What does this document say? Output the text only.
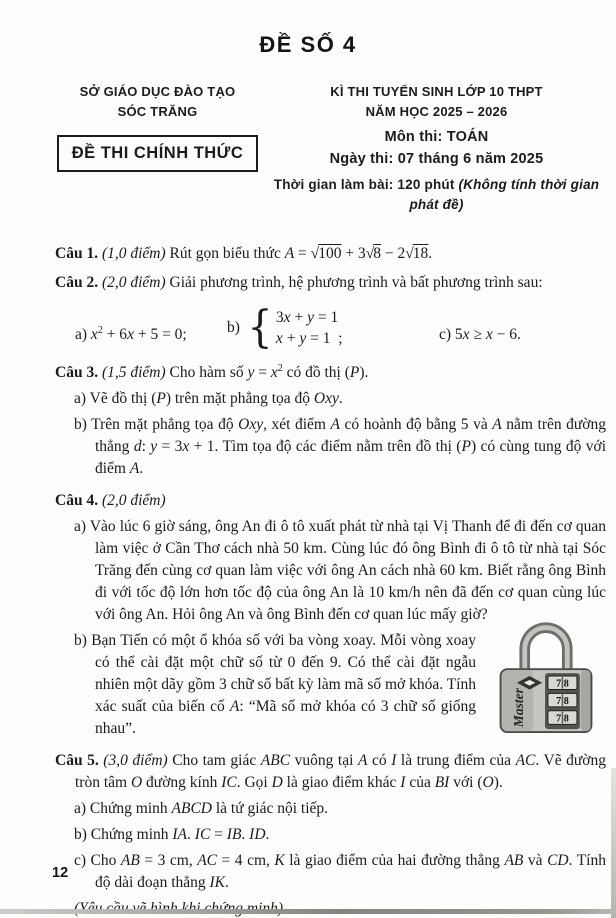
ĐỀ SỐ 4
SỞ GIÁO DỤC ĐÀO TẠO
SÓC TRĂNG
ĐỀ THI CHÍNH THỨC
KÌ THI TUYỂN SINH LỚP 10 THPT
NĂM HỌC 2025 – 2026
Môn thi: TOÁN
Ngày thi: 07 tháng 6 năm 2025
Thời gian làm bài: 120 phút (Không tính thời gian phát đề)
Câu 1. (1,0 điểm) Rút gọn biểu thức A = √100 + 3√8 − 2√18.
Câu 2. (2,0 điểm) Giải phương trình, hệ phương trình và bất phương trình sau:
a) $x^2 + 6x + 5 = 0$;	b) { 3x + y = 1
x + y = 1 ;	c) 5x ≥ x − 6.
Câu 3. (1,5 điểm) Cho hàm số $y = x^2$ có đồ thị (P).
a) Vẽ đồ thị (P) trên mặt phẳng tọa độ Oxy.
b) Trên mặt phẳng tọa độ Oxy, xét điểm A có hoành độ bằng 5 và A nằm trên đường thẳng d: y = 3x + 1. Tìm tọa độ các điểm nằm trên đồ thị (P) có cùng tung độ với điểm A.
Câu 4. (2,0 điểm)
a) Vào lúc 6 giờ sáng, ông An đi ô tô xuất phát từ nhà tại Vị Thanh để đi đến cơ quan làm việc ở Cần Thơ cách nhà 50 km. Cùng lúc đó ông Bình đi ô tô từ nhà tại Sóc Trăng đến cùng cơ quan làm việc với ông An cách nhà 60 km. Biết rằng ông Bình đi với tốc độ lớn hơn tốc độ của ông An là 10 km/h nên đã đến cơ quan cùng lúc với ông An. Hỏi ông An và ông Bình đến cơ quan lúc mấy giờ?
Master
7 8
7 8
7 8
b) Bạn Tiến có một ổ khóa số với ba vòng xoay. Mỗi vòng xoay có thể cài đặt một chữ số từ 0 đến 9. Có thể cài đặt ngẫu nhiên một dãy gồm 3 chữ số bất kỳ làm mã số mở khóa. Tính xác suất của biến cố A: “Mã số mở khóa có 3 chữ số giống nhau”.
Câu 5. (3,0 điểm) Cho tam giác ABC vuông tại A có I là trung điểm của AC. Vẽ đường tròn tâm O đường kính IC. Gọi D là giao điểm khác I của BI với (O).
a) Chứng minh ABCD là tứ giác nội tiếp.
b) Chứng minh IA. IC = IB. ID.
c) Cho AB = 3 cm, AC = 4 cm, K là giao điểm của hai đường thẳng AB và CD. Tính độ dài đoạn thẳng IK.
12
